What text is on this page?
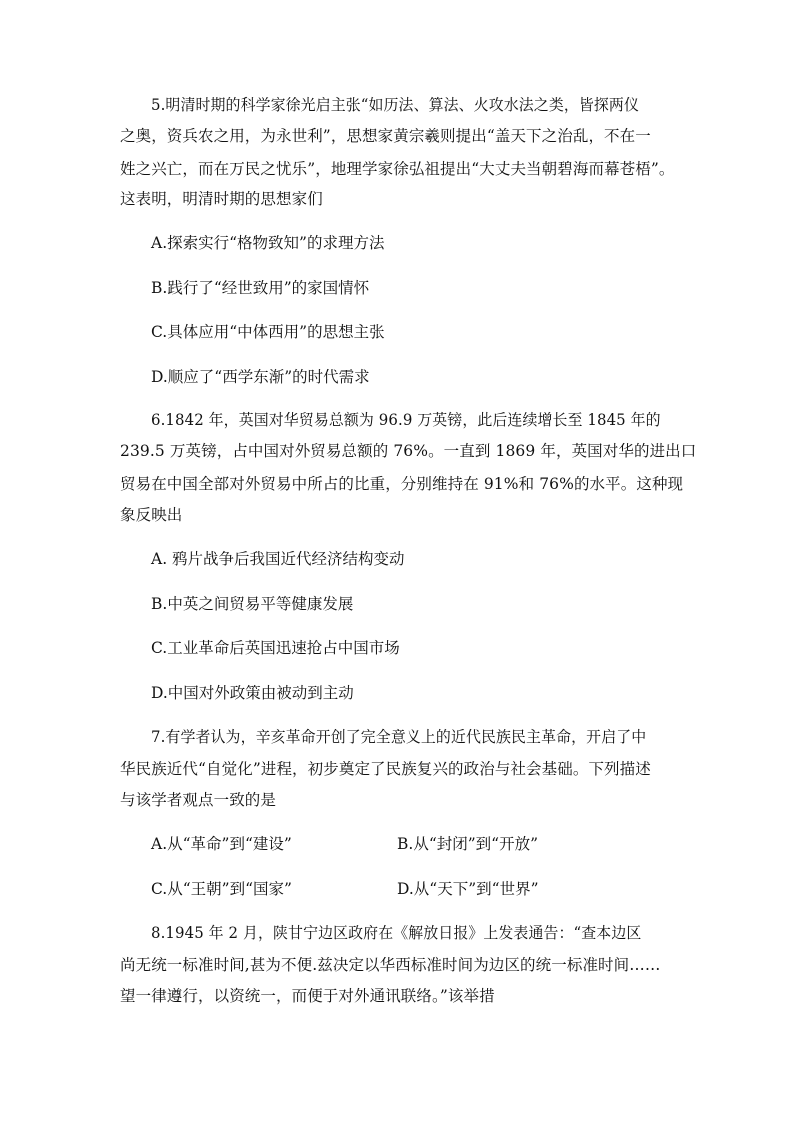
5.明清时期的科学家徐光启主张“如历法、算法、火攻水法之类，皆探两仪
之奥，资兵农之用，为永世利”，思想家黄宗羲则提出“盖天下之治乱，不在一
姓之兴亡，而在万民之忧乐”，地理学家徐弘祖提出“大丈夫当朝碧海而幕苍梧”。
这表明，明清时期的思想家们
A.探索实行“格物致知”的求理方法
B.践行了“经世致用”的家国情怀
C.具体应用“中体西用”的思想主张
D.顺应了“西学东渐”的时代需求
6.1842 年，英国对华贸易总额为 96.9 万英镑，此后连续增长至 1845 年的
239.5 万英镑，占中国对外贸易总额的 76%。一直到 1869 年，英国对华的进出口
贸易在中国全部对外贸易中所占的比重，分别维持在 91%和 76%的水平。这种现
象反映出
A. 鸦片战争后我国近代经济结构变动
B.中英之间贸易平等健康发展
C.工业革命后英国迅速抢占中国市场
D.中国对外政策由被动到主动
7.有学者认为，辛亥革命开创了完全意义上的近代民族民主革命，开启了中
华民族近代“自觉化”进程，初步奠定了民族复兴的政治与社会基础。下列描述
与该学者观点一致的是
A.从“革命”到“建设”	B.从“封闭”到“开放”
C.从“王朝”到“国家”	D.从“天下”到“世界”
8.1945 年 2 月，陕甘宁边区政府在《解放日报》上发表通告：“查本边区
尚无统一标准时间,甚为不便.兹决定以华西标准时间为边区的统一标准时间……
望一律遵行，以资统一，而便于对外通讯联络。”该举措
